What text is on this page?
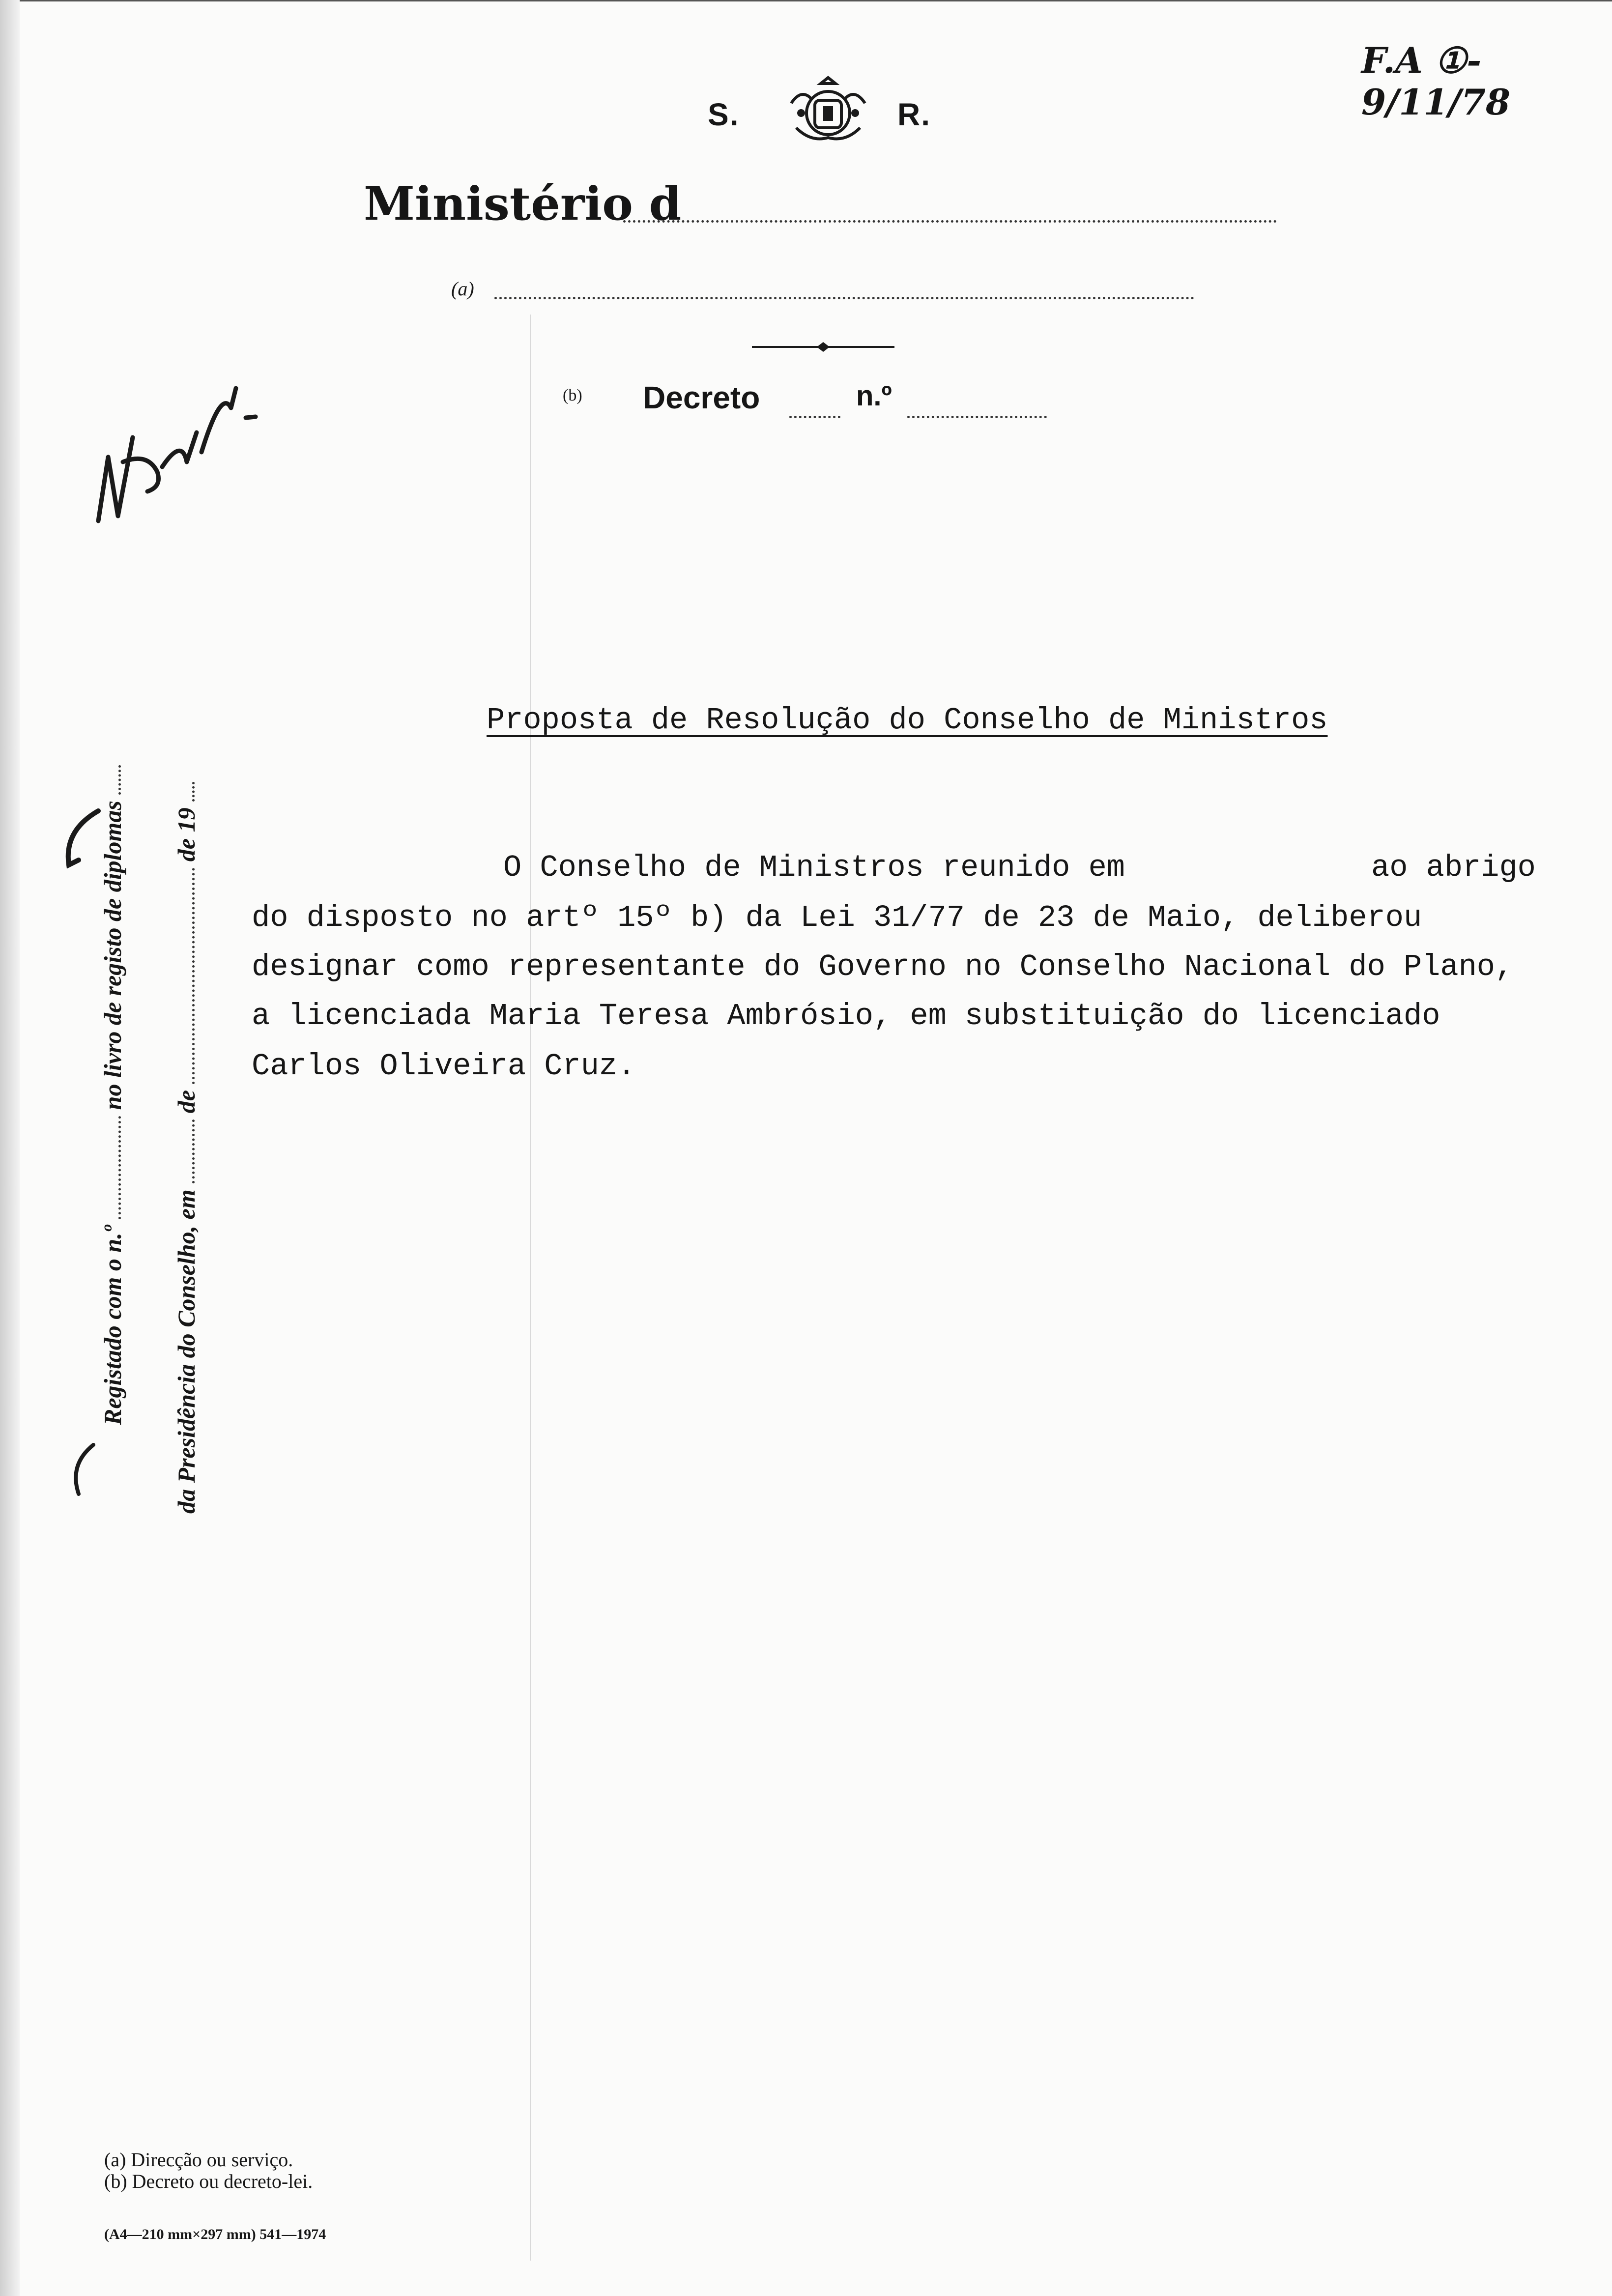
S.	R.
F.A ①- 9/11/78
Ministério d
(a)
(b) Decreto	n.º
Registado com o n.º  no livro de registo de diplomas
da Presidência do Conselho, em  de  de 19
Proposta de Resolução do Conselho de Ministros
O Conselho de Ministros reunido em	ao abrigo
do disposto no artº 15º b) da Lei 31/77 de 23 de Maio, deliberou
designar como representante do Governo no Conselho Nacional do Plano,
a licenciada Maria Teresa Ambrósio, em substituição do licenciado
Carlos Oliveira Cruz.
(a) Direcção ou serviço.
(b) Decreto ou decreto-lei.
(A4—210 mm×297 mm) 541—1974
